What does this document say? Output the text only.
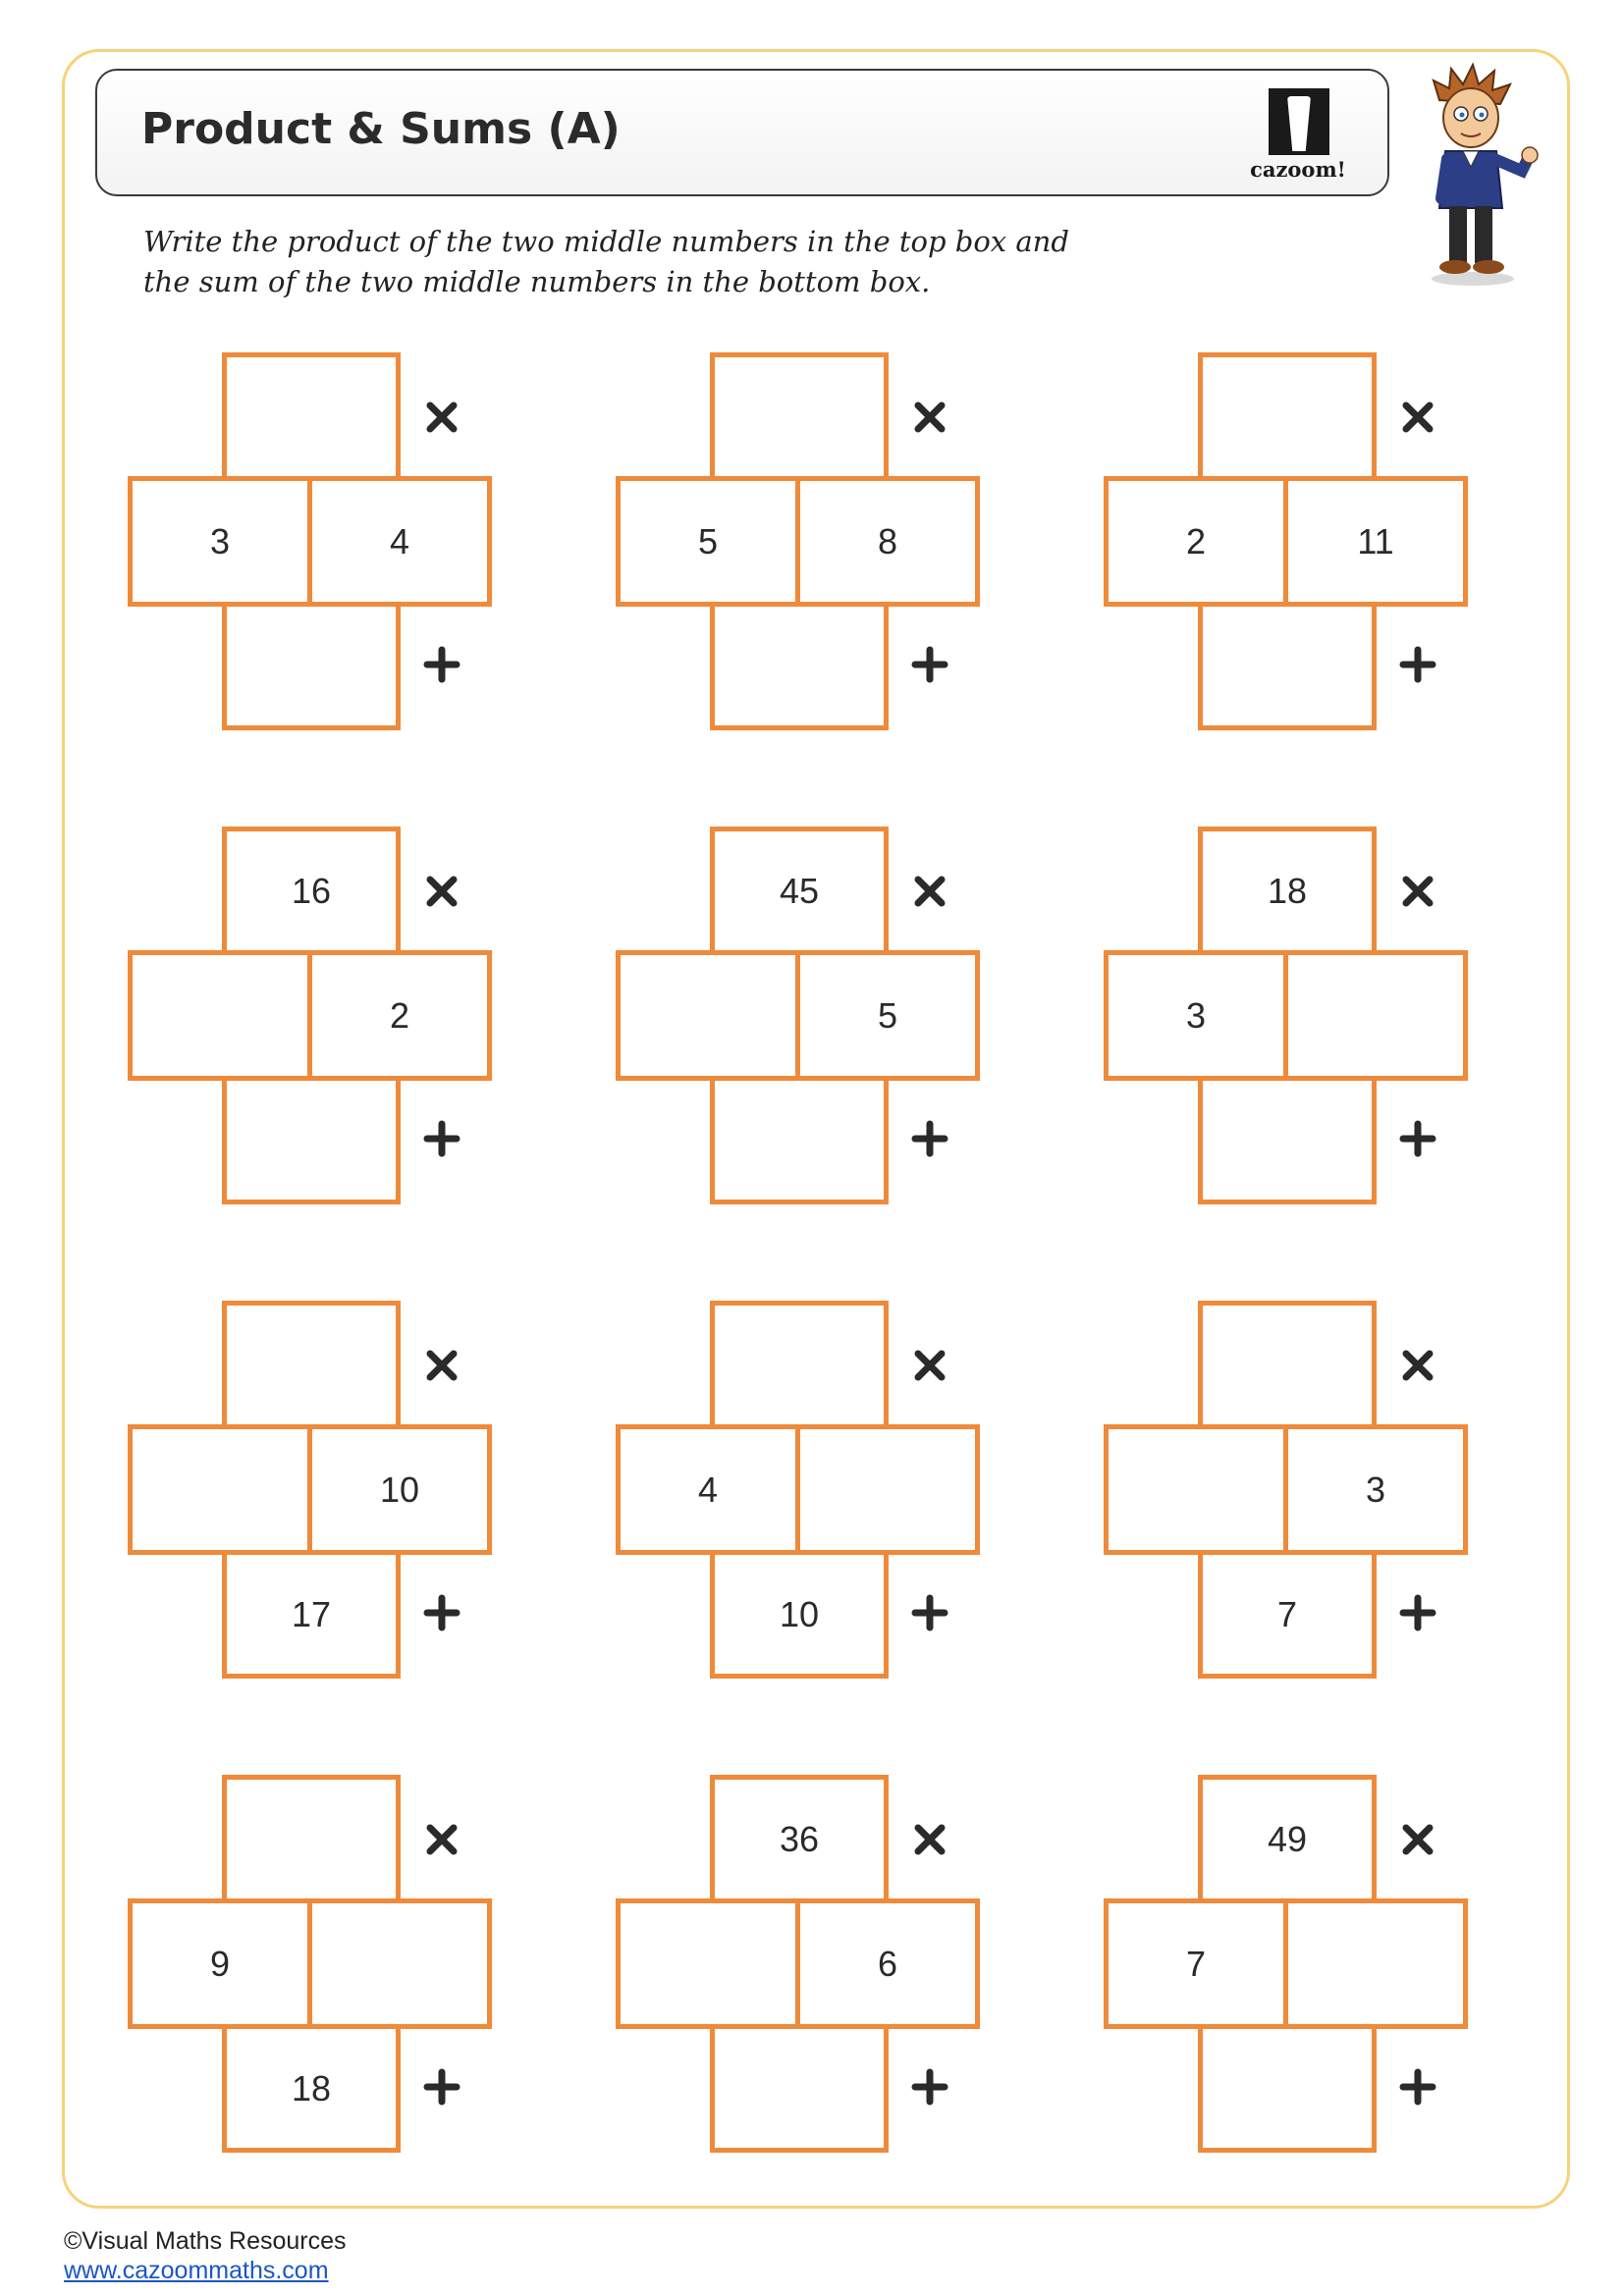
Product & Sums (A)
cazoom!

Write the product of the two middle numbers in the top box and
the sum of the two middle numbers in the bottom box.

3	4	5	8	2	11
16
2
45
5
18
3
10
17
4
10
3
7
9
18
36
6
49
7
©Visual Maths Resources
www.cazoommaths.com
